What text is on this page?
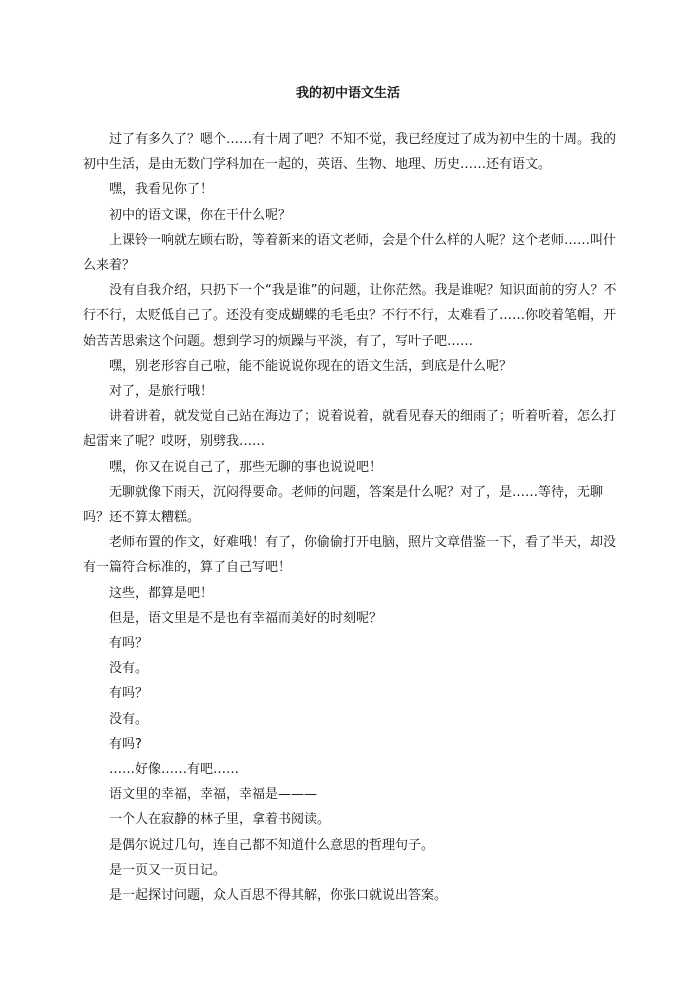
我的初中语文生活

过了有多久了？嗯个……有十周了吧？不知不觉，我已经度过了成为初中生的十周。我的初中生活，是由无数门学科加在一起的，英语、生物、地理、历史……还有语文。

嘿，我看见你了！

初中的语文课，你在干什么呢？

上课铃一响就左顾右盼，等着新来的语文老师，会是个什么样的人呢？这个老师……叫什么来着？

没有自我介绍，只扔下一个“我是谁”的问题，让你茫然。我是谁呢？知识面前的穷人？不行不行，太贬低自己了。还没有变成蝴蝶的毛毛虫？不行不行，太难看了……你咬着笔帽，开始苦苦思索这个问题。想到学习的烦躁与平淡，有了，写叶子吧……

嘿，别老形容自己啦，能不能说说你现在的语文生活，到底是什么呢？

对了，是旅行哦！

讲着讲着，就发觉自己站在海边了；说着说着，就看见春天的细雨了；听着听着，怎么打起雷来了呢？哎呀，别劈我……

嘿，你又在说自己了，那些无聊的事也说说吧！

无聊就像下雨天，沉闷得要命。老师的问题，答案是什么呢？对了，是……等待，无聊吗？还不算太糟糕。

老师布置的作文，好难哦！有了，你偷偷打开电脑，照片文章借鉴一下，看了半天，却没有一篇符合标准的，算了自己写吧！

这些，都算是吧！

但是，语文里是不是也有幸福而美好的时刻呢？

有吗？

没有。

有吗？

没有。

有吗?

……好像……有吧……

语文里的幸福，幸福，幸福是———

一个人在寂静的林子里，拿着书阅读。

是偶尔说过几句，连自己都不知道什么意思的哲理句子。

是一页又一页日记。

是一起探讨问题，众人百思不得其解，你张口就说出答案。
